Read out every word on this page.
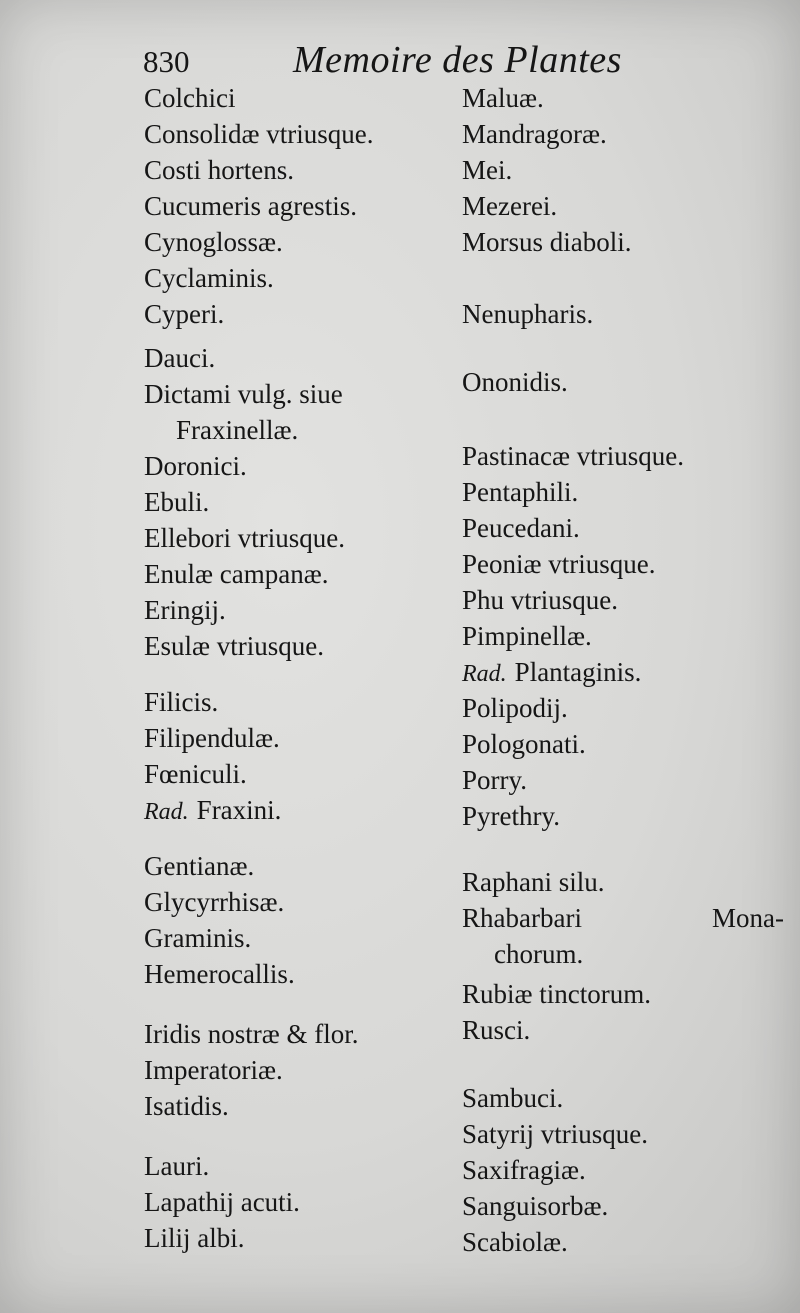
830	Memoire des Plantes
Colchici
Consolidæ vtriusque.
Costi hortens.
Cucumeris agrestis.
Cynoglossæ.
Cyclaminis.
Cyperi.
Dauci.
Dictami vulg. siue
Fraxinellæ.
Doronici.
Ebuli.
Ellebori vtriusque.
Enulæ campanæ.
Eringij.
Esulæ vtriusque.
Filicis.
Filipendulæ.
Fœniculi.
Rad. Fraxini.
Gentianæ.
Glycyrrhisæ.
Graminis.
Hemerocallis.
Iridis nostræ & flor.
Imperatoriæ.
Isatidis.
Lauri.
Lapathij acuti.
Lilij albi.
Maluæ.
Mandragoræ.
Mei.
Mezerei.
Morsus diaboli.
Nenupharis.
Ononidis.
Pastinacæ vtriusque.
Pentaphili.
Peucedani.
Peoniæ vtriusque.
Phu vtriusque.
Pimpinellæ.
Rad. Plantaginis.
Polipodij.
Pologonati.
Porry.
Pyrethry.
Raphani silu.
Rhabarbari	Mona-
chorum.
Rubiæ tinctorum.
Rusci.
Sambuci.
Satyrij vtriusque.
Saxifragiæ.
Sanguisorbæ.
Scabiolæ.
